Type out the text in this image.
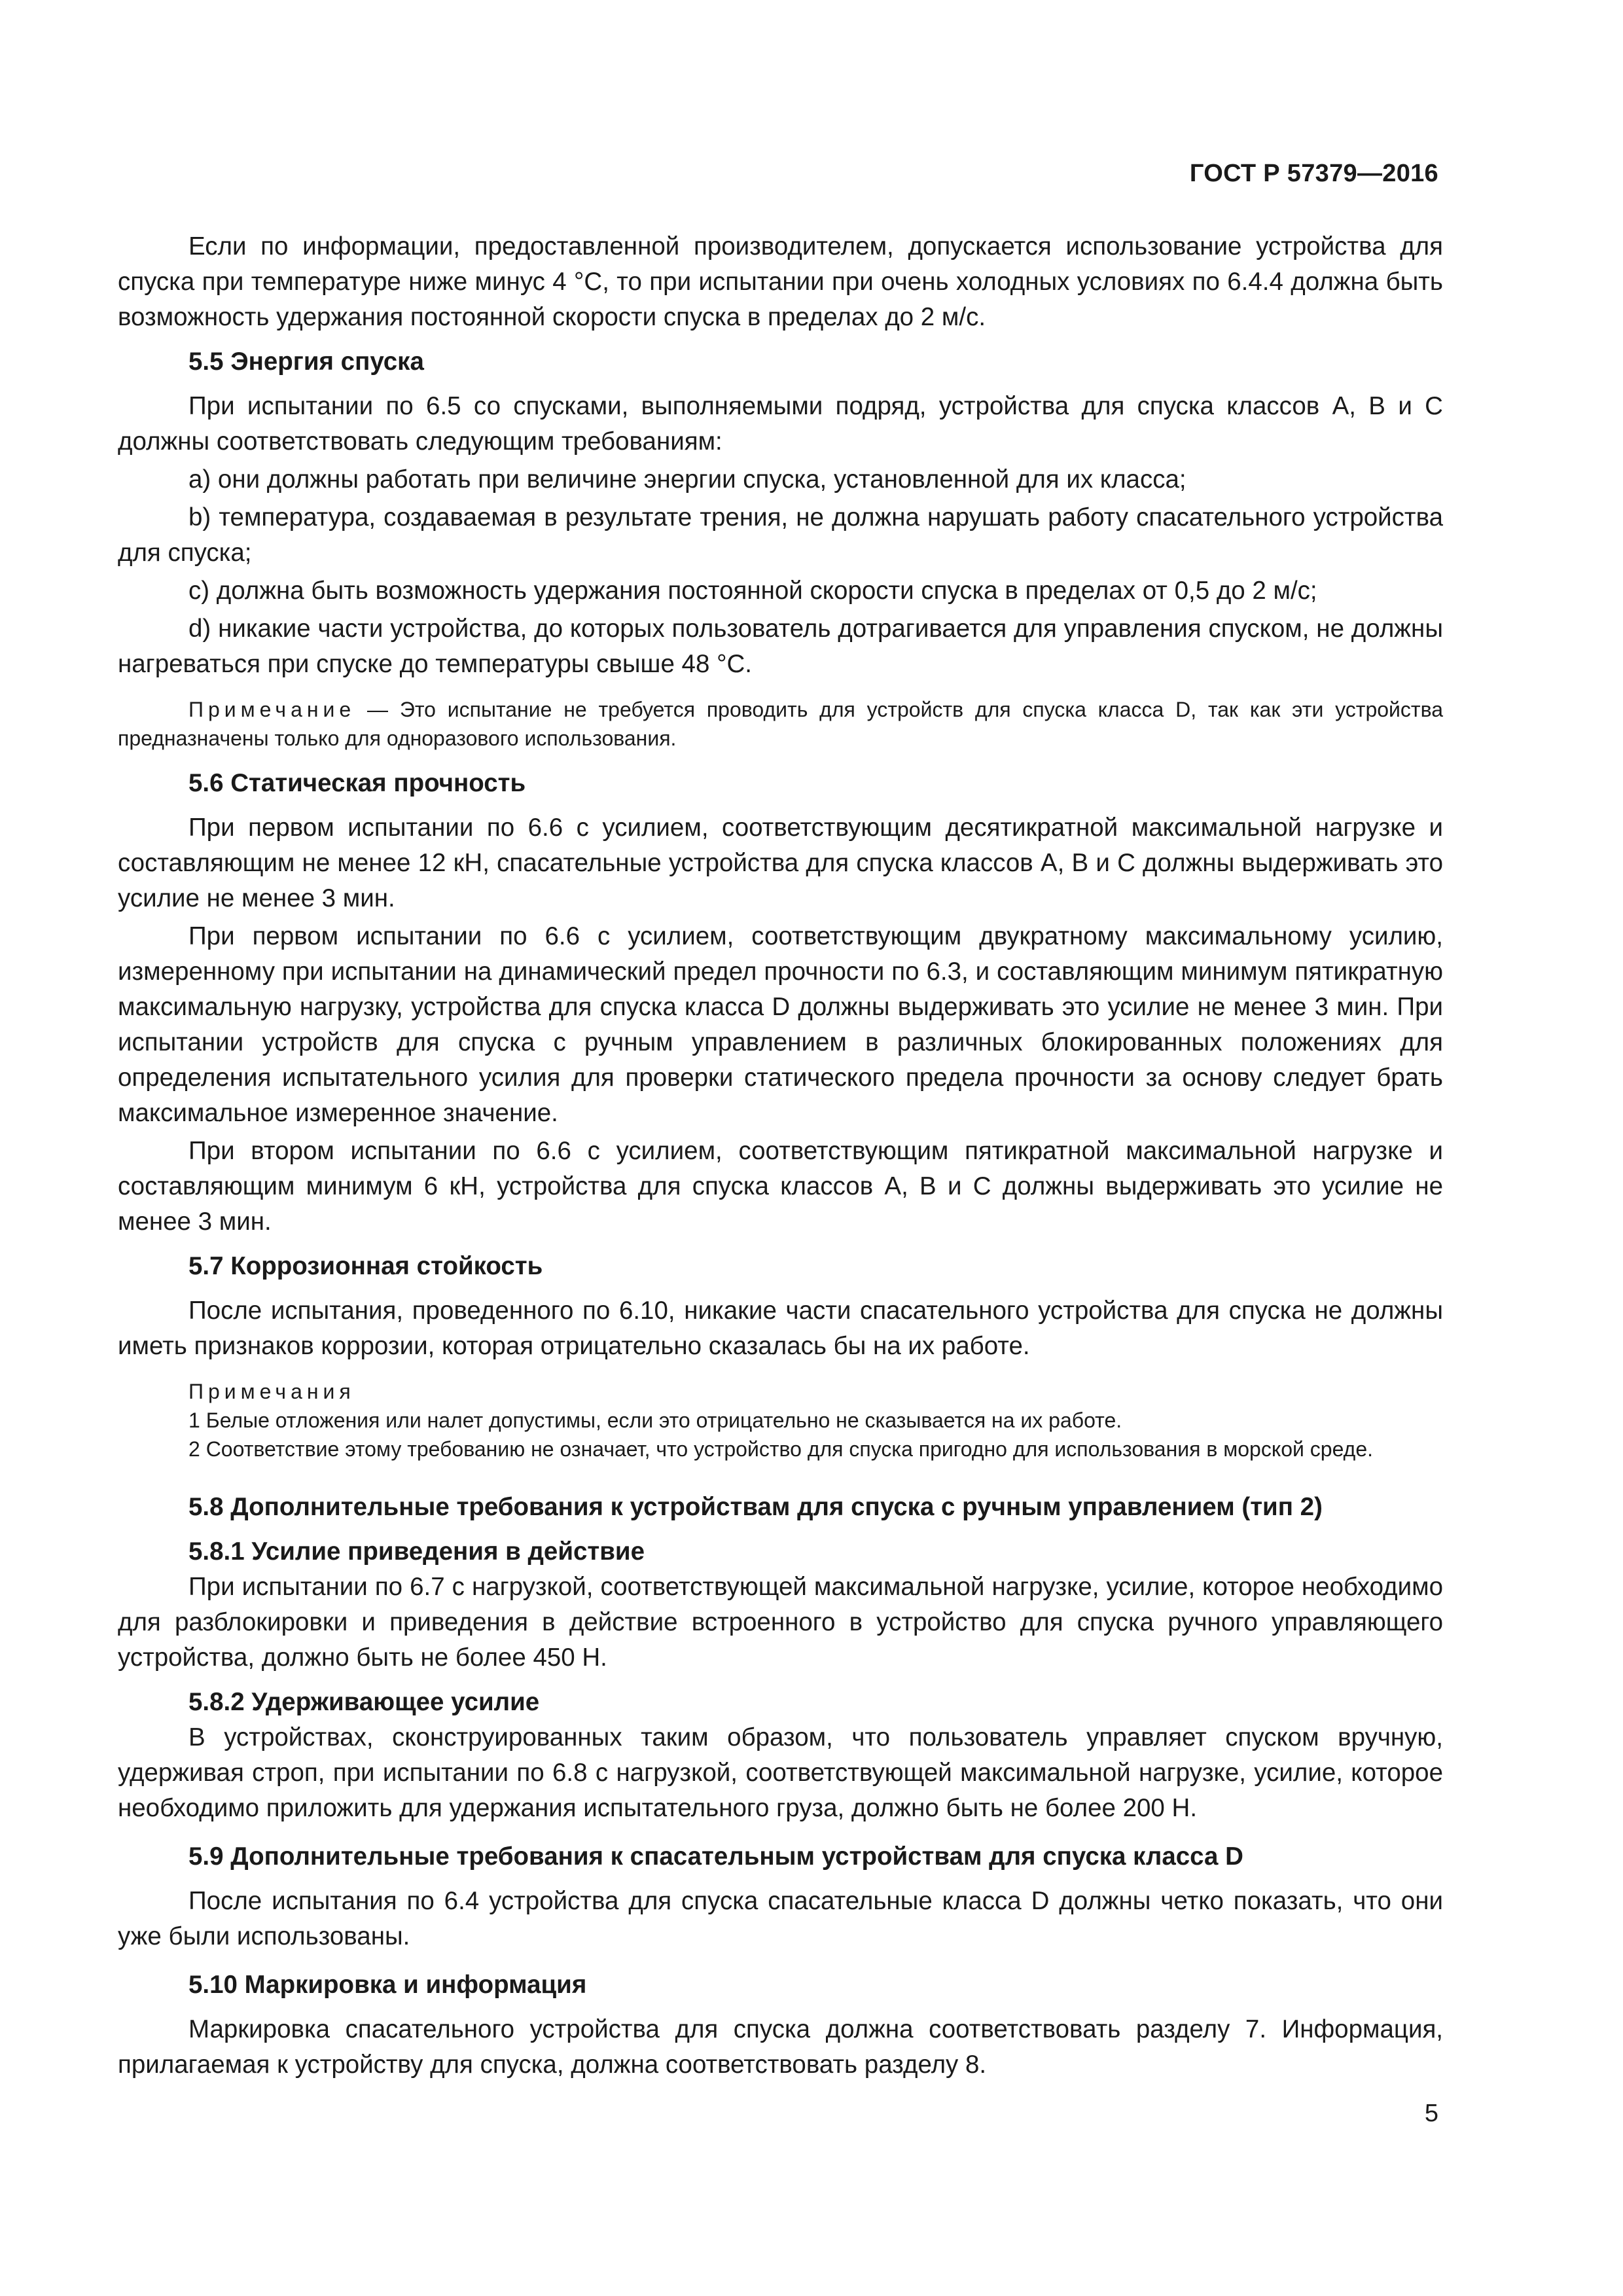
ГОСТ Р 57379—2016

Если по информации, предоставленной производителем, допускается использование устройства для спуска при температуре ниже минус 4 °С, то при испытании при очень холодных условиях по 6.4.4 должна быть возможность удержания постоянной скорости спуска в пределах до 2 м/с.

5.5 Энергия спуска

При испытании по 6.5 со спусками, выполняемыми подряд, устройства для спуска классов А, В и С должны соответствовать следующим требованиям:

а) они должны работать при величине энергии спуска, установленной для их класса;

b) температура, создаваемая в результате трения, не должна нарушать работу спасательного устройства для спуска;

с) должна быть возможность удержания постоянной скорости спуска в пределах от 0,5 до 2 м/с;

d) никакие части устройства, до которых пользователь дотрагивается для управления спуском, не должны нагреваться при спуске до температуры свыше 48 °С.

Примечание — Это испытание не требуется проводить для устройств для спуска класса D, так как эти устройства предназначены только для одноразового использования.

5.6 Статическая прочность

При первом испытании по 6.6 с усилием, соответствующим десятикратной максимальной нагрузке и составляющим не менее 12 кН, спасательные устройства для спуска классов А, В и С должны выдерживать это усилие не менее 3 мин.

При первом испытании по 6.6 с усилием, соответствующим двукратному максимальному усилию, измеренному при испытании на динамический предел прочности по 6.3, и составляющим минимум пятикратную максимальную нагрузку, устройства для спуска класса D должны выдерживать это усилие не менее 3 мин. При испытании устройств для спуска с ручным управлением в различных блокированных положениях для определения испытательного усилия для проверки статического предела прочности за основу следует брать максимальное измеренное значение.

При втором испытании по 6.6 с усилием, соответствующим пятикратной максимальной нагрузке и составляющим минимум 6 кН, устройства для спуска классов А, В и С должны выдерживать это усилие не менее 3 мин.

5.7 Коррозионная стойкость

После испытания, проведенного по 6.10, никакие части спасательного устройства для спуска не должны иметь признаков коррозии, которая отрицательно сказалась бы на их работе.

Примечания

1 Белые отложения или налет допустимы, если это отрицательно не сказывается на их работе.

2 Соответствие этому требованию не означает, что устройство для спуска пригодно для использования в морской среде.

5.8 Дополнительные требования к устройствам для спуска с ручным управлением (тип 2)
5.8.1 Усилие приведения в действие

При испытании по 6.7 с нагрузкой, соответствующей максимальной нагрузке, усилие, которое необходимо для разблокировки и приведения в действие встроенного в устройство для спуска ручного управляющего устройства, должно быть не более 450 Н.

5.8.2 Удерживающее усилие

В устройствах, сконструированных таким образом, что пользователь управляет спуском вручную, удерживая строп, при испытании по 6.8 с нагрузкой, соответствующей максимальной нагрузке, усилие, которое необходимо приложить для удержания испытательного груза, должно быть не более 200 Н.

5.9 Дополнительные требования к спасательным устройствам для спуска класса D

После испытания по 6.4 устройства для спуска спасательные класса D должны четко показать, что они уже были использованы.

5.10 Маркировка и информация

Маркировка спасательного устройства для спуска должна соответствовать разделу 7. Информация, прилагаемая к устройству для спуска, должна соответствовать разделу 8.

5
